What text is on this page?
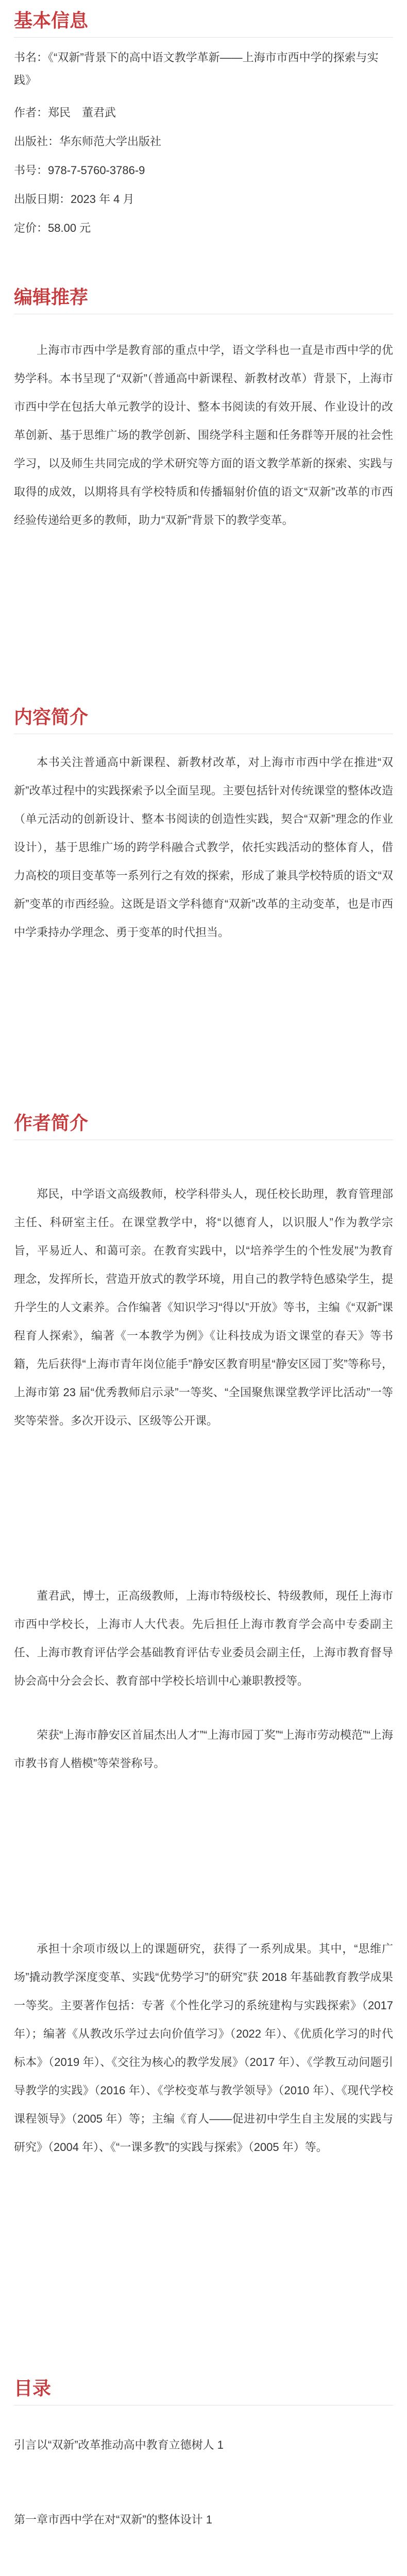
基本信息

书名：《“双新”背景下的高中语文教学革新——上海市市西中学的探索与实践》

作者：郑民　董君武

出版社：华东师范大学出版社

书号：978-7-5760-3786-9

出版日期：2023 年 4 月

定价：58.00 元

编辑推荐

上海市市西中学是教育部的重点中学，语文学科也一直是市西中学的优势学科。本书呈现了“双新”（普通高中新课程、新教材改革）背景下，上海市市西中学在包括大单元教学的设计、整本书阅读的有效开展、作业设计的改革创新、基于思维广场的教学创新、围绕学科主题和任务群等开展的社会性学习，以及师生共同完成的学术研究等方面的语文教学革新的探索、实践与取得的成效，以期将具有学校特质和传播辐射价值的语文“双新”改革的市西经验传递给更多的教师，助力“双新”背景下的教学变革。

内容简介

本书关注普通高中新课程、新教材改革，对上海市市西中学在推进“双新”改革过程中的实践探索予以全面呈现。主要包括针对传统课堂的整体改造（单元活动的创新设计、整本书阅读的创造性实践，契合“双新”理念的作业设计），基于思维广场的跨学科融合式教学，依托实践活动的整体育人，借力高校的项目变革等一系列行之有效的探索，形成了兼具学校特质的语文“双新”变革的市西经验。这既是语文学科德育“双新”改革的主动变革，也是市西中学秉持办学理念、勇于变革的时代担当。

作者简介

郑民，中学语文高级教师，校学科带头人，现任校长助理，教育管理部主任、科研室主任。在课堂教学中，将“以德育人，以识服人”作为教学宗旨，平易近人、和蔼可亲。在教育实践中，以“培养学生的个性发展”为教育理念，发挥所长，营造开放式的教学环境，用自己的教学特色感染学生，提升学生的人文素养。合作编著《知识学习“得以”开放》等书，主编《“双新”课程育人探索》，编著《一本教学为例》《让科技成为语文课堂的春天》等书籍，先后获得“上海市青年岗位能手”静安区教育明星“静安区园丁奖”等称号，上海市第 23 届“优秀教师启示录”一等奖、“全国聚焦课堂教学评比活动”一等奖等荣誉。多次开设示、区级等公开课。

董君武，博士，正高级教师，上海市特级校长、特级教师，现任上海市市西中学校长，上海市人大代表。先后担任上海市教育学会高中专委副主任、上海市教育评估学会基础教育评估专业委员会副主任，上海市教育督导协会高中分会会长、教育部中学校长培训中心兼职教授等。

荣获“上海市静安区首届杰出人才”“上海市园丁奖”“上海市劳动模范”“上海市教书育人楷模”等荣誉称号。

承担十余项市级以上的课题研究，获得了一系列成果。其中，“思维广场”撬动教学深度变革、实践“优势学习”的研究”获 2018 年基础教育教学成果一等奖。主要著作包括：专著《个性化学习的系统建构与实践探索》（2017 年）；编著《从教改乐学过去向价值学习》（2022 年）、《优质化学习的时代标本》（2019 年）、《交往为核心的教学发展》（2017 年）、《学教互动问题引导教学的实践》（2016 年）、《学校变革与教学领导》（2010 年）、《现代学校课程领导》（2005 年）等；主编《育人——促进初中学生自主发展的实践与研究》（2004 年）、《“一课多教”的实践与探索》（2005 年）等。

目录

引言以“双新”改革推动高中教育立德树人 1

第一章市西中学在对“双新”的整体设计 1
